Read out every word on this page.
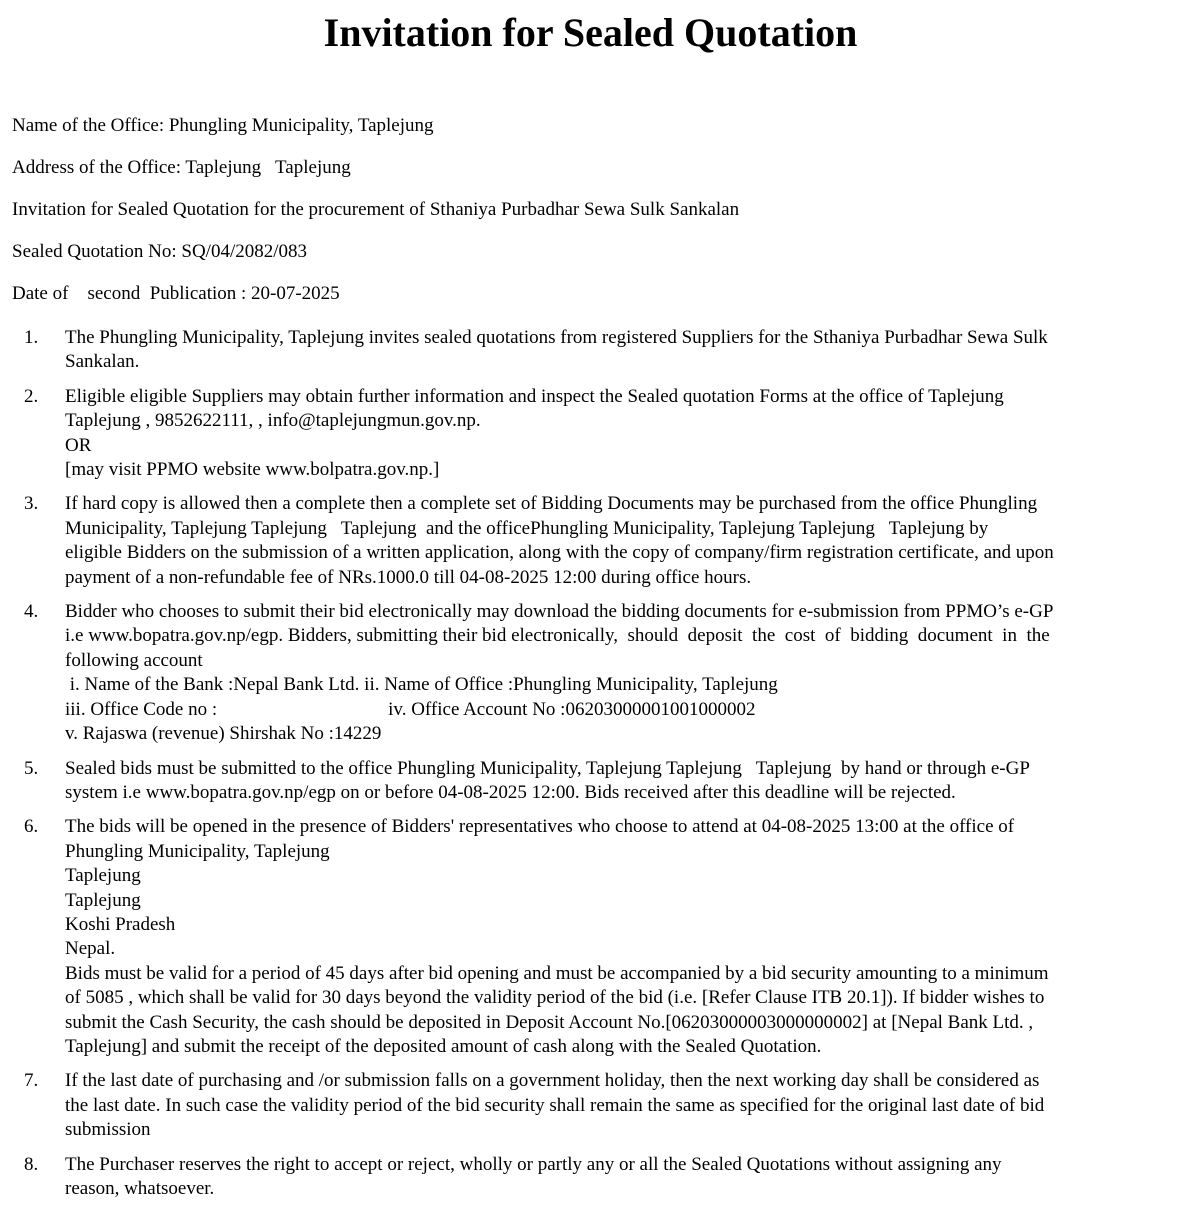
Invitation for Sealed Quotation
Name of the Office: Phungling Municipality, Taplejung
Address of the Office: Taplejung   Taplejung
Invitation for Sealed Quotation for the procurement of Sthaniya Purbadhar Sewa Sulk Sankalan
Sealed Quotation No: SQ/04/2082/083
Date of    second  Publication : 20-07-2025
1. The Phungling Municipality, Taplejung invites sealed quotations from registered Suppliers for the Sthaniya Purbadhar Sewa Sulk
Sankalan.
2. Eligible eligible Suppliers may obtain further information and inspect the Sealed quotation Forms at the office of Taplejung
Taplejung , 9852622111, , info@taplejungmun.gov.np.
OR
[may visit PPMO website www.bolpatra.gov.np.]
3. If hard copy is allowed then a complete then a complete set of Bidding Documents may be purchased from the office Phungling
Municipality, Taplejung Taplejung   Taplejung  and the officePhungling Municipality, Taplejung Taplejung   Taplejung by
eligible Bidders on the submission of a written application, along with the copy of company/firm registration certificate, and upon
payment of a non-refundable fee of NRs.1000.0 till 04-08-2025 12:00 during office hours.
4. Bidder who chooses to submit their bid electronically may download the bidding documents for e-submission from PPMO’s e-GP
i.e www.bopatra.gov.np/egp. Bidders, submitting their bid electronically,  should  deposit  the  cost  of  bidding  document  in  the
following account
i. Name of the Bank :Nepal Bank Ltd. ii. Name of Office :Phungling Municipality, Taplejung
iii. Office Code no :                                    iv. Office Account No :06203000001001000002
v. Rajaswa (revenue) Shirshak No :14229
5. Sealed bids must be submitted to the office Phungling Municipality, Taplejung Taplejung   Taplejung  by hand or through e-GP
system i.e www.bopatra.gov.np/egp on or before 04-08-2025 12:00. Bids received after this deadline will be rejected.
6. The bids will be opened in the presence of Bidders' representatives who choose to attend at 04-08-2025 13:00 at the office of
Phungling Municipality, Taplejung
Taplejung
Taplejung
Koshi Pradesh
Nepal.
Bids must be valid for a period of 45 days after bid opening and must be accompanied by a bid security amounting to a minimum
of 5085 , which shall be valid for 30 days beyond the validity period of the bid (i.e. [Refer Clause ITB 20.1]). If bidder wishes to
submit the Cash Security, the cash should be deposited in Deposit Account No.[06203000003000000002] at [Nepal Bank Ltd. ,
Taplejung] and submit the receipt of the deposited amount of cash along with the Sealed Quotation.
7. If the last date of purchasing and /or submission falls on a government holiday, then the next working day shall be considered as
the last date. In such case the validity period of the bid security shall remain the same as specified for the original last date of bid
submission
8. The Purchaser reserves the right to accept or reject, wholly or partly any or all the Sealed Quotations without assigning any
reason, whatsoever.
